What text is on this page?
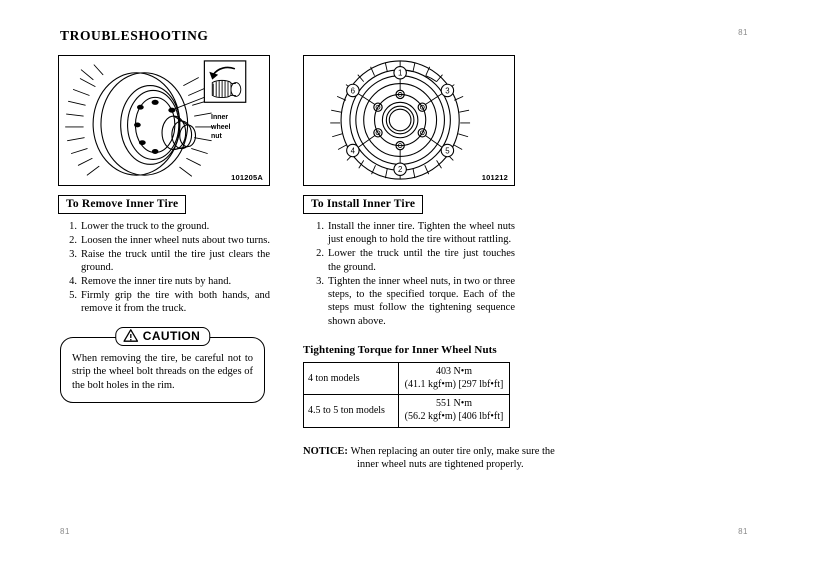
TROUBLESHOOTING	81
81	81
Inner
wheel
nut
101205A
To Remove Inner Tire
1. Lower the truck to the ground.
2. Loosen the inner wheel nuts about two turns.
3. Raise the truck until the tire just clears the ground.
4. Remove the inner tire nuts by hand.
5. Firmly grip the tire with both hands, and remove it from the truck.
CAUTION
When removing the tire, be careful not to strip the wheel bolt threads on the edges of the bolt holes in the rim.
1
2
3
4	5
6
101212
To Install Inner Tire
1. Install the inner tire. Tighten the wheel nuts just enough to hold the tire without rattling.
2. Lower the truck until the tire just touches the ground.
3. Tighten the inner wheel nuts, in two or three steps, to the specified torque. Each of the steps must follow the tightening sequence shown above.
Tightening Torque for Inner Wheel Nuts
4 ton models	403 N•m
(41.1 kgf•m) [297 lbf•ft]

4.5 to 5 ton models	551 N•m
(56.2 kgf•m) [406 lbf•ft]
NOTICE: When replacing an outer tire only, make sure the inner wheel nuts are tightened properly.
